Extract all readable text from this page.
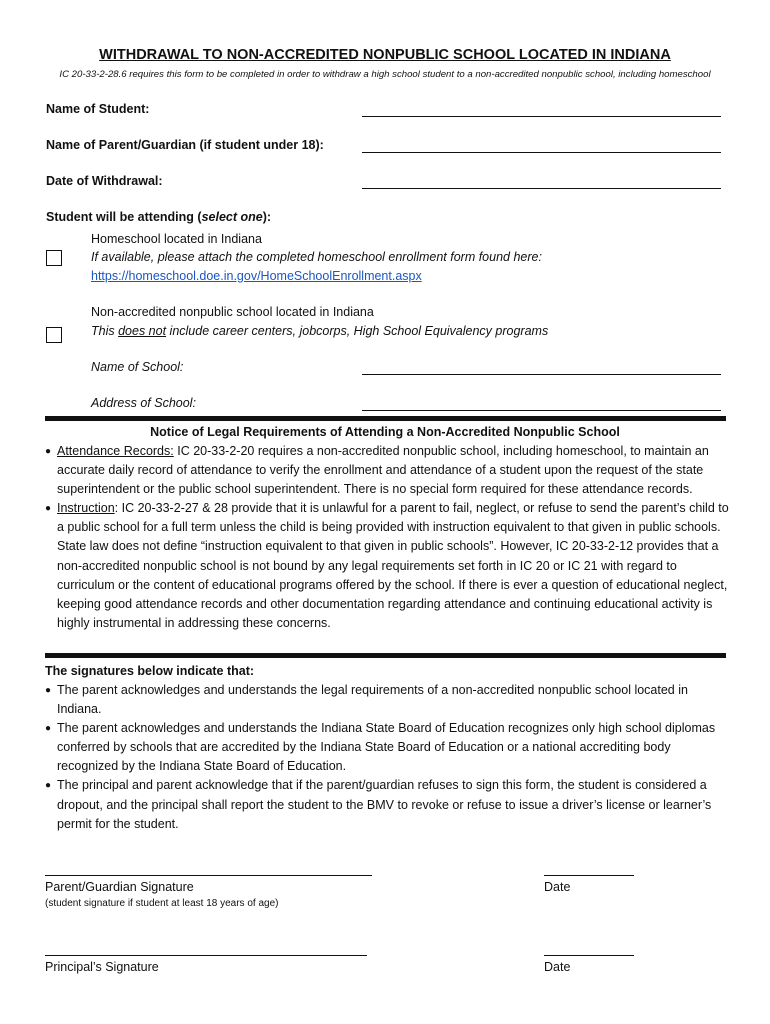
WITHDRAWAL TO NON-ACCREDITED NONPUBLIC SCHOOL LOCATED IN INDIANA
IC 20-33-2-28.6 requires this form to be completed in order to withdraw a high school student to a non-accredited nonpublic school, including homeschool
Name of Student:
Name of Parent/Guardian (if student under 18):
Date of Withdrawal:
Student will be attending (select one):
Homeschool located in Indiana
If available, please attach the completed homeschool enrollment form found here:
https://homeschool.doe.in.gov/HomeSchoolEnrollment.aspx
Non-accredited nonpublic school located in Indiana
This does not include career centers, jobcorps, High School Equivalency programs
Name of School:
Address of School:
Notice of Legal Requirements of Attending a Non-Accredited Nonpublic School
● Attendance Records: IC 20-33-2-20 requires a non-accredited nonpublic school, including homeschool, to maintain an accurate daily record of attendance to verify the enrollment and attendance of a student upon the request of the state superintendent or the public school superintendent. There is no special form required for these attendance records.
● Instruction: IC 20-33-2-27 & 28 provide that it is unlawful for a parent to fail, neglect, or refuse to send the parent’s child to a public school for a full term unless the child is being provided with instruction equivalent to that given in public schools. State law does not define “instruction equivalent to that given in public schools”. However, IC 20-33-2-12 provides that a non-accredited nonpublic school is not bound by any legal requirements set forth in IC 20 or IC 21 with regard to curriculum or the content of educational programs offered by the school. If there is ever a question of educational neglect, keeping good attendance records and other documentation regarding attendance and continuing educational activity is highly instrumental in addressing these concerns.
The signatures below indicate that:
● The parent acknowledges and understands the legal requirements of a non-accredited nonpublic school located in Indiana.
● The parent acknowledges and understands the Indiana State Board of Education recognizes only high school diplomas conferred by schools that are accredited by the Indiana State Board of Education or a national accrediting body recognized by the Indiana State Board of Education.
● The principal and parent acknowledge that if the parent/guardian refuses to sign this form, the student is considered a dropout, and the principal shall report the student to the BMV to revoke or refuse to issue a driver’s license or learner’s permit for the student.
Parent/Guardian Signature	Date
(student signature if student at least 18 years of age)
Principal’s Signature	Date
